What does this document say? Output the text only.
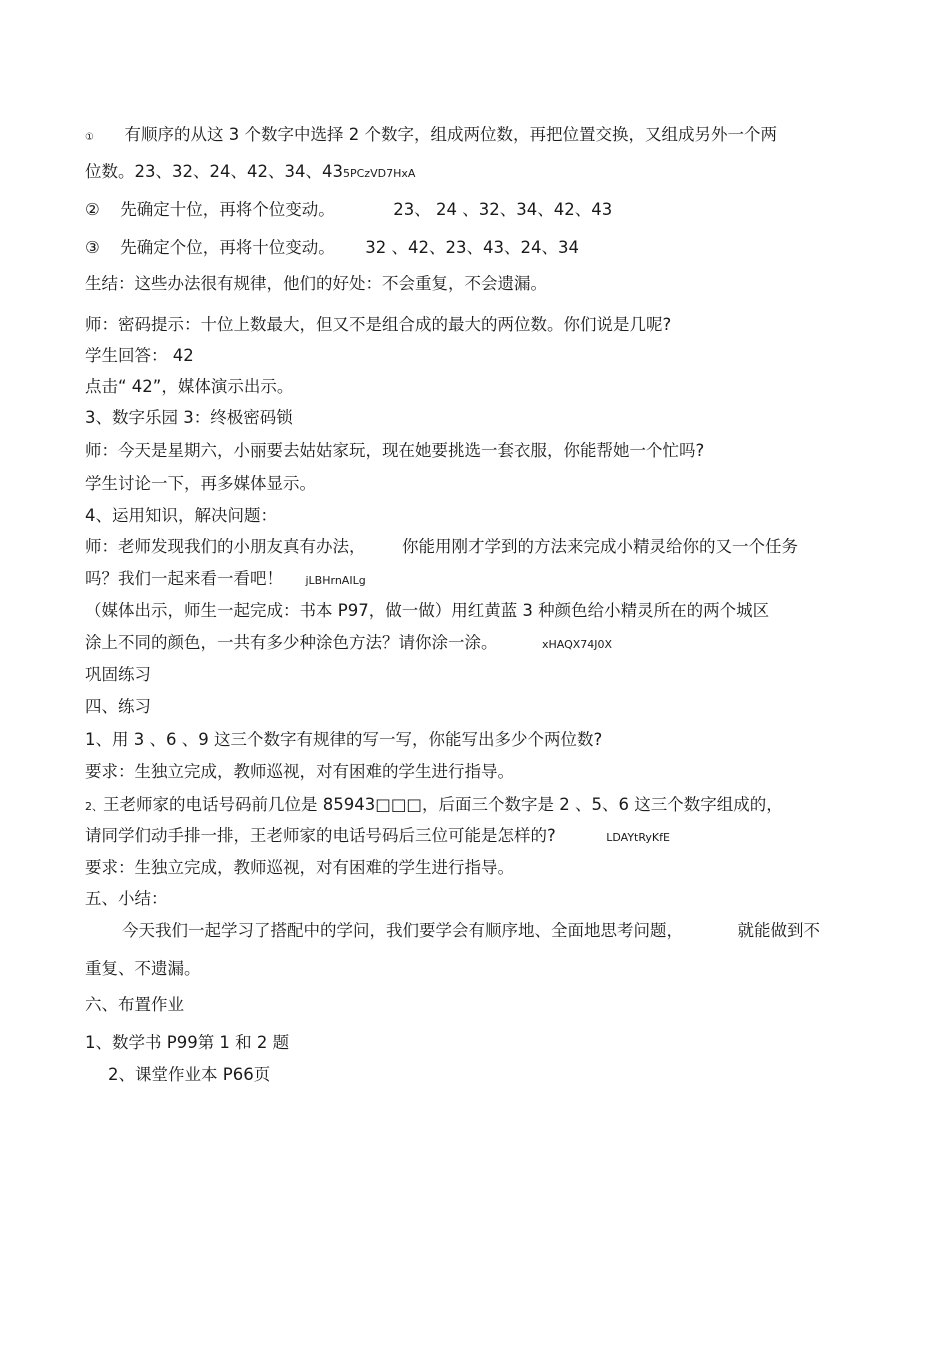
① 有顺序的从这 3 个数字中选择 2 个数字，组成两位数，再把位置交换，又组成另外一个两
位数。23、32、24、42、34、435PCzVD7HxA
② 先确定十位，再将个位变动。	23、 24 、32、34、42、43
③ 先确定个位，再将十位变动。 32 、42、23、43、24、34
生结：这些办法很有规律，他们的好处：不会重复，不会遗漏。
师：密码提示：十位上数最大，但又不是组合成的最大的两位数。你们说是几呢?
学生回答： 42
点击“ 42”，媒体演示出示。
3、数字乐园 3：终极密码锁
师：今天是星期六，小丽要去姑姑家玩，现在她要挑选一套衣服，你能帮她一个忙吗?
学生讨论一下，再多媒体显示。
4、运用知识，解决问题：
师：老师发现我们的小朋友真有办法， 你能用刚才学到的方法来完成小精灵给你的又一个任务
吗？我们一起来看一看吧！ jLBHrnAILg
（媒体出示，师生一起完成：书本 P97，做一做）用红黄蓝 3 种颜色给小精灵所在的两个城区
涂上不同的颜色，一共有多少种涂色方法？请你涂一涂。	xHAQX74J0X
巩固练习
四、练习
1、用 3 、6 、9 这三个数字有规律的写一写，你能写出多少个两位数?
要求：生独立完成，教师巡视，对有困难的学生进行指导。
2、王老师家的电话号码前几位是 85943□□□，后面三个数字是 2 、5、6 这三个数字组成的，
请同学们动手排一排，王老师家的电话号码后三位可能是怎样的?	LDAYtRyKfE
要求：生独立完成，教师巡视，对有困难的学生进行指导。
五、小结：
今天我们一起学习了搭配中的学问，我们要学会有顺序地、全面地思考问题，	就能做到不
重复、不遗漏。
六、布置作业
1、数学书 P99第 1 和 2 题
2、课堂作业本 P66页
